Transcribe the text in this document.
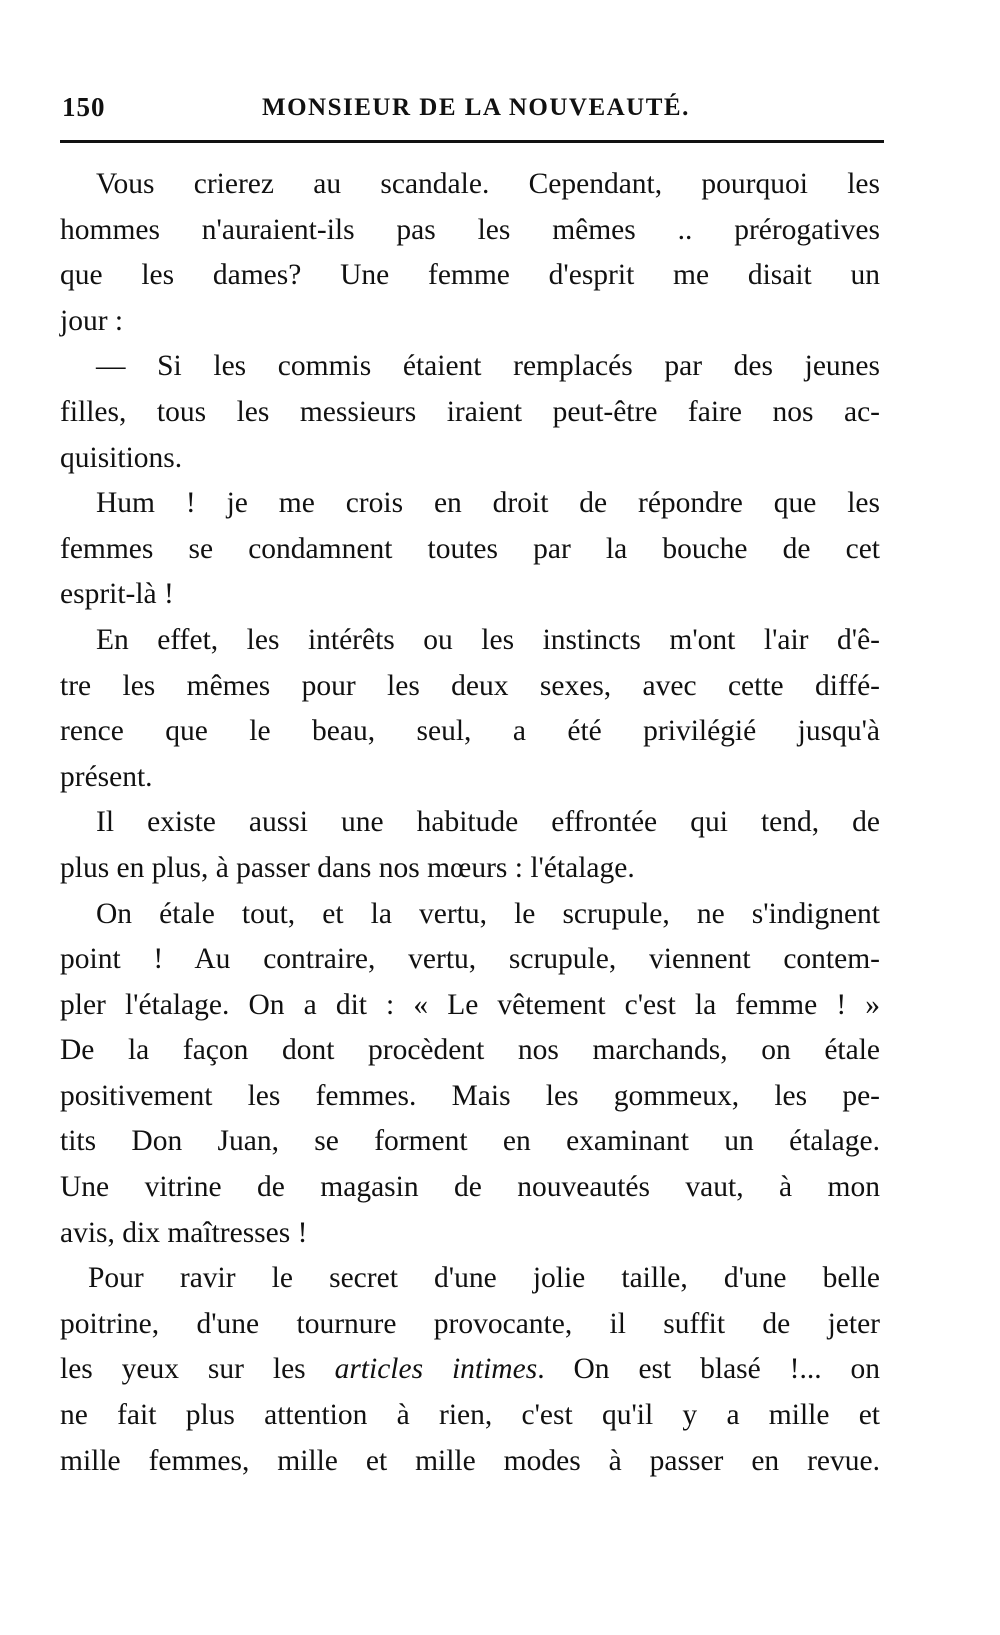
150	MONSIEUR DE LA NOUVEAUTÉ.
Vous crierez au scandale. Cependant, pourquoi les
hommes n'auraient-ils pas les mêmes .. prérogatives
que les dames? Une femme d'esprit me disait un
jour :
— Si les commis étaient remplacés par des jeunes
filles, tous les messieurs iraient peut-être faire nos ac-
quisitions.
Hum ! je me crois en droit de répondre que les
femmes se condamnent toutes par la bouche de cet
esprit-là !
En effet, les intérêts ou les instincts m'ont l'air d'ê-
tre les mêmes pour les deux sexes, avec cette diffé-
rence que le beau, seul, a été privilégié jusqu'à
présent.
Il existe aussi une habitude effrontée qui tend, de
plus en plus, à passer dans nos mœurs : l'étalage.
On étale tout, et la vertu, le scrupule, ne s'indignent
point ! Au contraire, vertu, scrupule, viennent contem-
pler l'étalage. On a dit : « Le vêtement c'est la femme ! »
De la façon dont procèdent nos marchands, on étale
positivement les femmes. Mais les gommeux, les pe-
tits Don Juan, se forment en examinant un étalage.
Une vitrine de magasin de nouveautés vaut, à mon
avis, dix maîtresses !
Pour ravir le secret d'une jolie taille, d'une belle
poitrine, d'une tournure provocante, il suffit de jeter
les yeux sur les articles intimes. On est blasé !... on
ne fait plus attention à rien, c'est qu'il y a mille et
mille femmes, mille et mille modes à passer en revue.
